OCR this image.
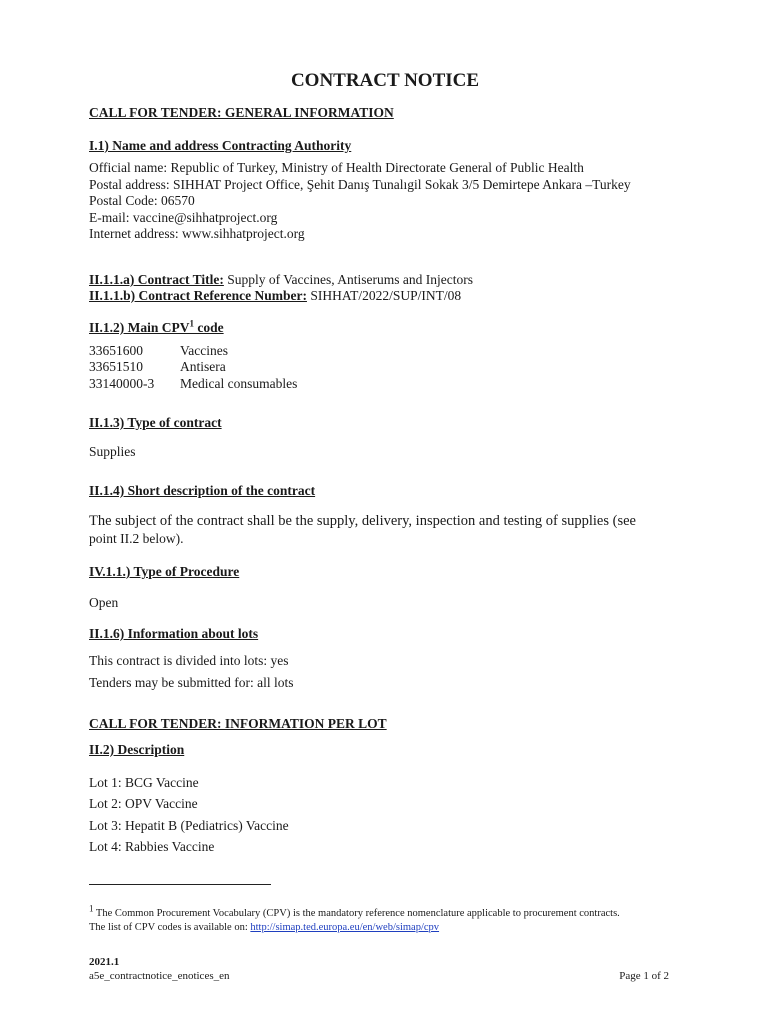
CONTRACT NOTICE
CALL FOR TENDER: GENERAL INFORMATION
I.1) Name and address Contracting Authority
Official name: Republic of Turkey, Ministry of Health Directorate General of Public Health
Postal address: SIHHAT Project Office, Şehit Danış Tunalıgil Sokak 3/5 Demirtepe Ankara –Turkey
Postal Code: 06570
E-mail: vaccine@sihhatproject.org
Internet address: www.sihhatproject.org
II.1.1.a) Contract Title: Supply of Vaccines, Antiserums and Injectors
II.1.1.b) Contract Reference Number: SIHHAT/2022/SUP/INT/08
II.1.2) Main CPV$^1$ code
33651600	Vaccines
33651510	Antisera
33140000-3 Medical consumables
II.1.3) Type of contract
Supplies
II.1.4) Short description of the contract
The subject of the contract shall be the supply, delivery, inspection and testing of supplies (see
point II.2 below).
IV.1.1.) Type of Procedure
Open
II.1.6) Information about lots
This contract is divided into lots: yes
Tenders may be submitted for: all lots
CALL FOR TENDER: INFORMATION PER LOT
II.2) Description
Lot 1: BCG Vaccine
Lot 2: OPV Vaccine
Lot 3: Hepatit B (Pediatrics) Vaccine
Lot 4: Rabbies Vaccine
$^1$ The Common Procurement Vocabulary (CPV) is the mandatory reference nomenclature applicable to procurement contracts.
The list of CPV codes is available on: http://simap.ted.europa.eu/en/web/simap/cpv
2021.1
a5e_contractnotice_enotices_en	Page 1 of 2
